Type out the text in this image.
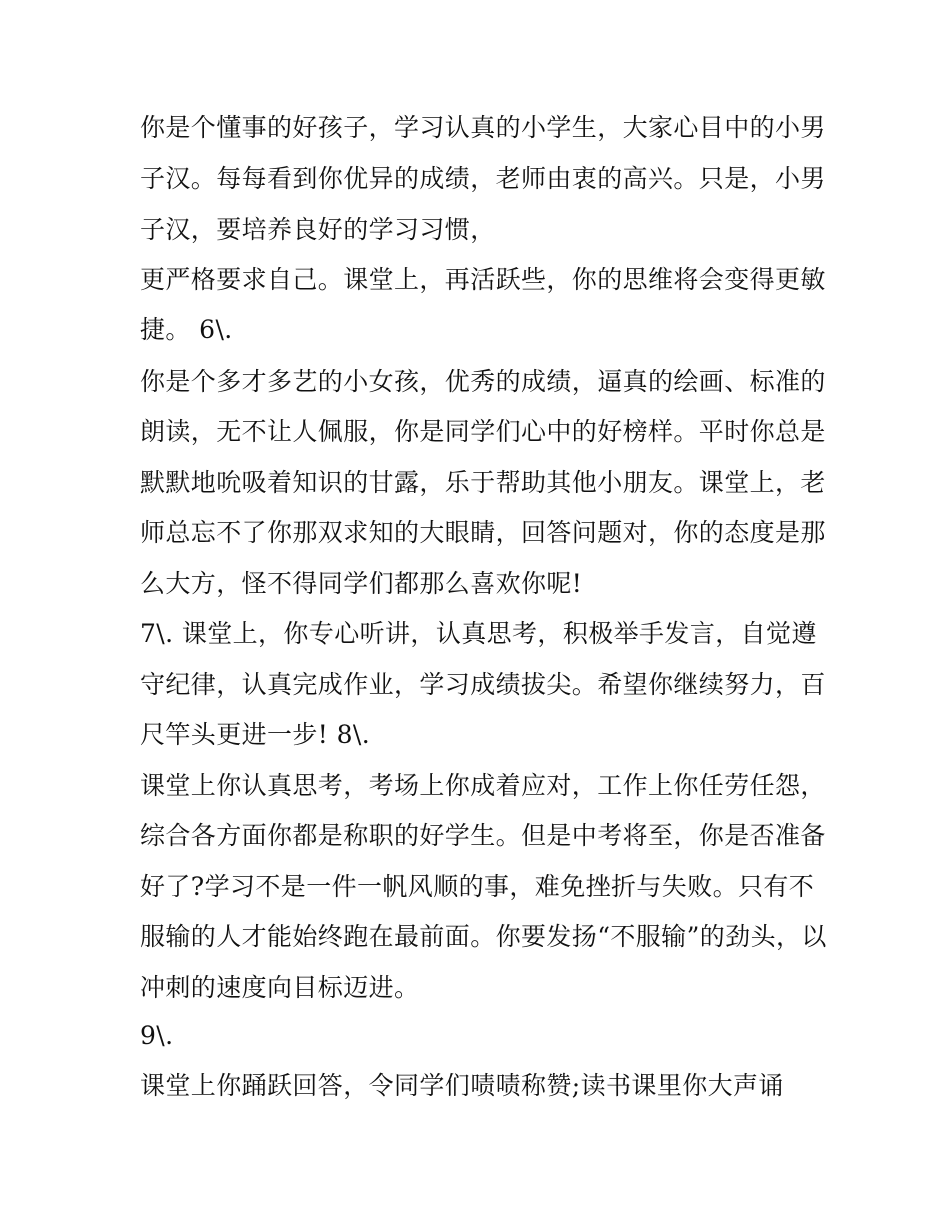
你是个懂事的好孩子，学习认真的小学生，大家心目中的小男
子汉。每每看到你优异的成绩，老师由衷的高兴。只是，小男
子汉，要培养良好的学习习惯，
更严格要求自己。课堂上，再活跃些，你的思维将会变得更敏
捷。 6\.
你是个多才多艺的小女孩，优秀的成绩，逼真的绘画、标准的
朗读，无不让人佩服，你是同学们心中的好榜样。平时你总是
默默地吮吸着知识的甘露，乐于帮助其他小朋友。课堂上，老
师总忘不了你那双求知的大眼睛，回答问题对，你的态度是那
么大方，怪不得同学们都那么喜欢你呢!
7\. 课堂上，你专心听讲，认真思考，积极举手发言，自觉遵
守纪律，认真完成作业，学习成绩拔尖。希望你继续努力，百
尺竿头更进一步! 8\.
课堂上你认真思考，考场上你成着应对，工作上你任劳任怨，
综合各方面你都是称职的好学生。但是中考将至，你是否准备
好了?学习不是一件一帆风顺的事，难免挫折与失败。只有不
服输的人才能始终跑在最前面。你要发扬“不服输”的劲头，以
冲刺的速度向目标迈进。
9\.
课堂上你踊跃回答，令同学们啧啧称赞;读书课里你大声诵
